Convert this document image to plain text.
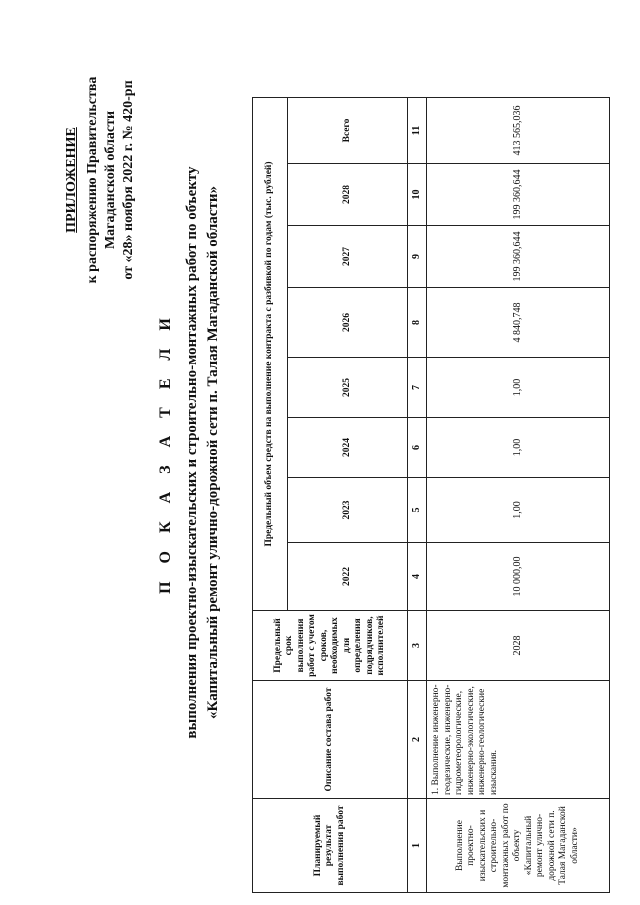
ПРИЛОЖЕНИЕ к распоряжению Правительства Магаданской области от «28» ноября 2022 г. № 420-рп
П О К А З А Т Е Л И выполнения проектно-изыскательских и строительно-монтажных работ по объекту «Капитальный ремонт улично-дорожной сети п. Талая Магаданской области»
Планируемый результат выполнения работ	Описание состава работ	Предельный срок выполнения работ с учетом сроков, необходимых для определения подрядчиков, исполнителей	Предельный объем средств на выполнение контракта с разбивкой по годам (тыс. рублей)							
			2022	2023	2024	2025	2026	2027	2028	Всего
1	2	3	4	5	6	7	8	9	10	11
Выполнение проектно-изыскательских и строительно-монтажных работ по объекту «Капитальный ремонт улично-дорожной сети п. Талая Магаданской области»	1. Выполнение инженерно-геодезические, инженерно-гидрометеорологические, инженерно-экологические, инженерно-геологические изыскания.	2028	10 000,00	1,00	1,00	1,00	4 840,748	199 360,644	199 360,644	413 565,036
